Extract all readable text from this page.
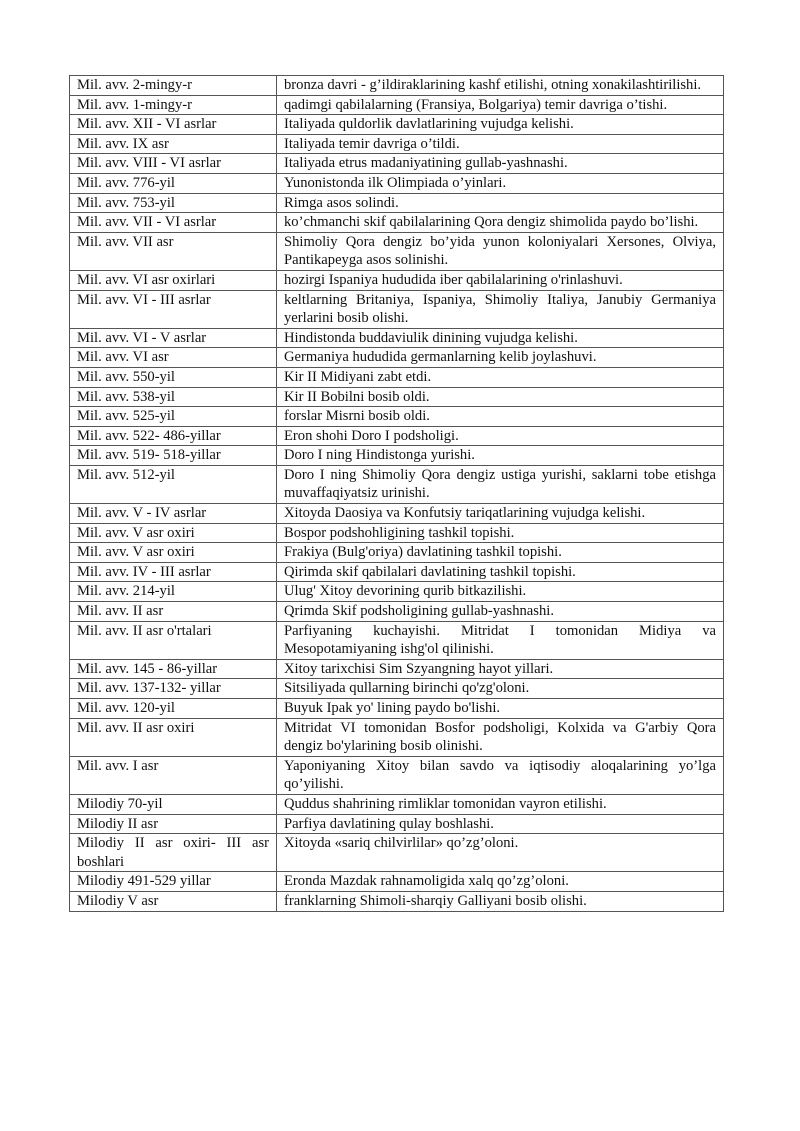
Mil. avv. 2-mingy-r	bronza davri - g’ildiraklarining kashf etilishi, otning xonakilashtirilishi.
Mil. avv. 1-mingy-r	qadimgi qabilalarning (Fransiya, Bolgariya) temir davriga o’tishi.
Mil. avv. XII - VI asrlar	Italiyada quldorlik davlatlarining vujudga kelishi.
Mil. avv. IX asr	Italiyada temir davriga o’tildi.
Mil. avv. VIII - VI asrlar	Italiyada etrus madaniyatining gullab-yashnashi.
Mil. avv. 776-yil	Yunonistonda ilk Olimpiada o’yinlari.
Mil. avv. 753-yil	Rimga asos solindi.
Mil. avv. VII - VI asrlar	ko’chmanchi skif qabilalarining Qora dengiz shimolida paydo bo’lishi.
Mil. avv. VII asr	Shimoliy Qora dengiz bo’yida yunon koloniyalari Xersones, Olviya, Pantikapeyga asos solinishi.
Mil. avv. VI asr oxirlari	hozirgi Ispaniya hududida iber qabilalarining o'rinlashuvi.
Mil. avv. VI - III asrlar	keltlarning Britaniya, Ispaniya, Shimoliy Italiya, Janubiy Germaniya yerlarini bosib olishi.
Mil. avv. VI - V asrlar	Hindistonda buddaviulik dinining vujudga kelishi.
Mil. avv. VI asr	Germaniya hududida germanlarning kelib joylashuvi.
Mil. avv. 550-yil	Kir II Midiyani zabt etdi.
Mil. avv. 538-yil	Kir II Bobilni bosib oldi.
Mil. avv. 525-yil	forslar Misrni bosib oldi.
Mil. avv. 522- 486-yillar	Eron shohi Doro I podsholigi.
Mil. avv. 519- 518-yillar	Doro I ning Hindistonga yurishi.
Mil. avv. 512-yil	Doro I ning Shimoliy Qora dengiz ustiga yurishi, saklarni tobe etishga muvaffaqiyatsiz urinishi.
Mil. avv. V - IV asrlar	Xitoyda Daosiya va Konfutsiy tariqatlarining vujudga kelishi.
Mil. avv. V asr oxiri	Bospor podshohligining tashkil topishi.
Mil. avv. V asr oxiri	Frakiya (Bulg'oriya) davlatining tashkil topishi.
Mil. avv. IV - III asrlar	Qirimda skif qabilalari davlatining tashkil topishi.
Mil. avv. 214-yil	Ulug' Xitoy devorining qurib bitkazilishi.
Mil. avv. II asr	Qrimda Skif podsholigining gullab-yashnashi.
Mil. avv. II asr o'rtalari	Parfiyaning kuchayishi. Mitridat I tomonidan Midiya va Mesopotamiyaning ishg'ol qilinishi.
Mil. avv. 145 - 86-yillar	Xitoy tarixchisi Sim Szyangning hayot yillari.
Mil. avv. 137-132- yillar	Sitsiliyada qullarning birinchi qo'zg'oloni.
Mil. avv. 120-yil	Buyuk Ipak yo' lining paydo bo'lishi.
Mil. avv. II asr oxiri	Mitridat VI tomonidan Bosfor podsholigi, Kolxida va G'arbiy Qora dengiz bo'ylarining bosib olinishi.
Mil. avv. I asr	Yaponiyaning Xitoy bilan savdo va iqtisodiy aloqalarining yo’lga qo’yilishi.
Milodiy 70-yil	Quddus shahrining rimliklar tomonidan vayron etilishi.
Milodiy II asr	Parfiya davlatining qulay boshlashi.
Milodiy II asr oxiri- III asr boshlari	Xitoyda «sariq chilvirlilar» qo’zg’oloni.
Milodiy 491-529 yillar	Eronda Mazdak rahnamoligida xalq qo’zg’oloni.
Milodiy V asr	franklarning Shimoli-sharqiy Galliyani bosib olishi.
